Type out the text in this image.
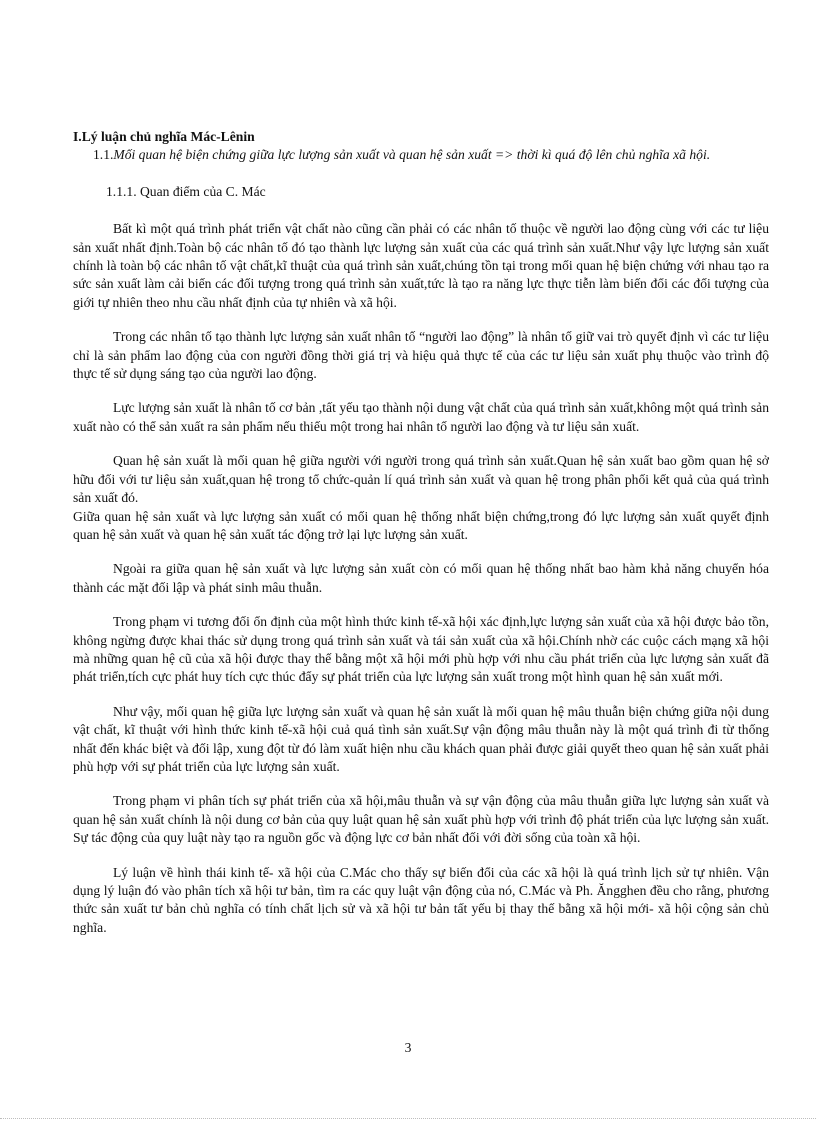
I.Lý luận chủ nghĩa Mác-Lênin

1.1.Mối quan hệ biện chứng giữa lực lượng sản xuất và quan hệ sản xuất => thời kì quá độ lên chủ nghĩa xã hội.

1.1.1. Quan điểm của C. Mác

Bất kì một quá trình phát triển vật chất nào cũng cần phải có các nhân tố thuộc về người lao động cùng với các tư liệu sản xuất nhất định.Toàn bộ các nhân tố đó tạo thành lực lượng sản xuất của các quá trình sản xuất.Như vậy lực lượng sản xuất chính là toàn bộ các nhân tố vật chất,kĩ thuật của quá trình sản xuất,chúng tồn tại trong mối quan hệ biện chứng với nhau tạo ra sức sản xuất làm cải biến các đối tượng trong quá trình sản xuất,tức là tạo ra năng lực thực tiễn làm biến đổi các đối tượng của giới tự nhiên theo nhu cầu nhất định của tự nhiên và xã hội.

Trong các nhân tố tạo thành lực lượng sản xuất nhân tố “người lao động” là nhân tố giữ vai trò quyết định vì các tư liệu chỉ là sản phẩm lao động của con người đồng thời giá trị và hiệu quả thực tế của các tư liệu sản xuất phụ thuộc vào trình độ thực tế sử dụng sáng tạo của người lao động.

Lực lượng sản xuất là nhân tố cơ bản ,tất yếu tạo thành nội dung vật chất của quá trình sản xuất,không một quá trình sản xuất nào có thể sản xuất ra sản phẩm nếu thiếu một trong hai nhân tố người lao động và tư liệu sản xuất.

Quan hệ sản xuất là mối quan hệ giữa người với người trong quá trình sản xuất.Quan hệ sản xuất bao gồm quan hệ sở hữu đối với tư liệu sản xuất,quan hệ trong tổ chức-quản lí quá trình sản xuất và quan hệ trong phân phối kết quả của quá trình sản xuất đó.

Giữa quan hệ sản xuất và lực lượng sản xuất có mối quan hệ thống nhất biện chứng,trong đó lực lượng sản xuất quyết định quan hệ sản xuất và quan hệ sản xuất tác động trở lại lực lượng sản xuất.

Ngoài ra giữa quan hệ sản xuất và lực lượng sản xuất còn có mối quan hệ thống nhất bao hàm khả năng chuyển hóa thành các mặt đối lập và phát sinh mâu thuẫn.

Trong phạm vi tương đối ổn định của một hình thức kinh tế-xã hội xác định,lực lượng sản xuất của xã hội được bảo tồn, không ngừng được khai thác sử dụng trong quá trình sản xuất và tái sản xuất của xã hội.Chính nhờ các cuộc cách mạng xã hội mà những quan hệ cũ của xã hội được thay thế bằng một xã hội mới phù hợp với nhu cầu phát triển của lực lượng sản xuất đã phát triển,tích cực phát huy tích cực thúc đẩy sự phát triển của lực lượng sản xuất trong một hình quan hệ sản xuất mới.

Như vậy, mối quan hệ giữa lực lượng sản xuất và quan hệ sản xuất là mối quan hệ mâu thuẫn biện chứng giữa nội dung vật chất, kĩ thuật với hình thức kinh tế-xã hội cuả quá tình sản xuất.Sự vận động mâu thuẫn này là một quá trình đi từ thống nhất đến khác biệt và đối lập, xung đột từ đó làm xuất hiện nhu cầu khách quan phải được giải quyết theo quan hệ sản xuất phải phù hợp với sự phát triển của lực lượng sản xuất.

Trong phạm vi phân tích sự phát triển của xã hội,mâu thuẫn và sự vận động của mâu thuẫn giữa lực lượng sản xuất và quan hệ sản xuất chính là nội dung cơ bản của quy luật quan hệ sản xuất phù hợp với trình độ phát triển của lực lượng sản xuất. Sự tác động của quy luật này tạo ra nguồn gốc và động lực cơ bản nhất đối với đời sống của toàn xã hội.

Lý luận về hình thái kinh tế- xã hội của C.Mác cho thấy sự biến đổi của các xã hội là quá trình lịch sử tự nhiên. Vận dụng lý luận đó vào phân tích xã hội tư bản, tìm ra các quy luật vận động của nó, C.Mác và Ph. Ăngghen đều cho rằng, phương thức sản xuất tư bản chủ nghĩa có tính chất lịch sử và xã hội tư bản tất yếu bị thay thế bằng xã hội mới- xã hội cộng sản chủ nghĩa.

3
